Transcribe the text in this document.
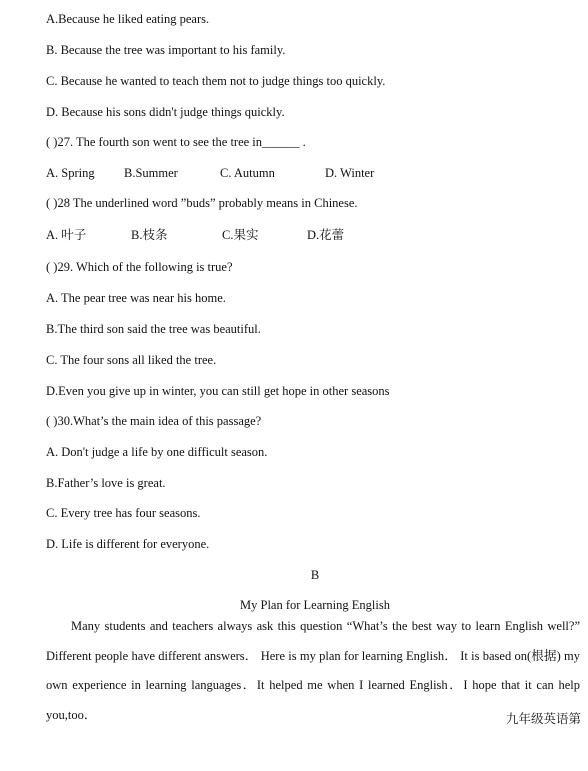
A.Because he liked eating pears.
B. Because the tree was important to his family.
C. Because he wanted to teach them not to judge things too quickly.
D. Because his sons didn't judge things quickly.
( )27. The fourth son went to see the tree in______ .
A. Spring B.Summer	C. Autumn	D. Winter
( )28 The underlined word ”buds” probably means in Chinese.
A. 叶子	B.枝条	C.果实	D.花蕾
( )29. Which of the following is true?
A. The pear tree was near his home.
B.The third son said the tree was beautiful.
C. The four sons all liked the tree.
D.Even you give up in winter, you can still get hope in other seasons
( )30.What’s the main idea of this passage?
A. Don't judge a life by one difficult season.
B.Father’s love is great.
C. Every tree has four seasons.
D. Life is different for everyone.
B
My Plan for Learning English
Many students and teachers always ask this question “What’s the best way to learn English well?” Different people have different answers． Here is my plan for learning English． It is based on(根据) my own experience in learning languages．It helped me when I learned English．I hope that it can help you,too．	九年级英语第
